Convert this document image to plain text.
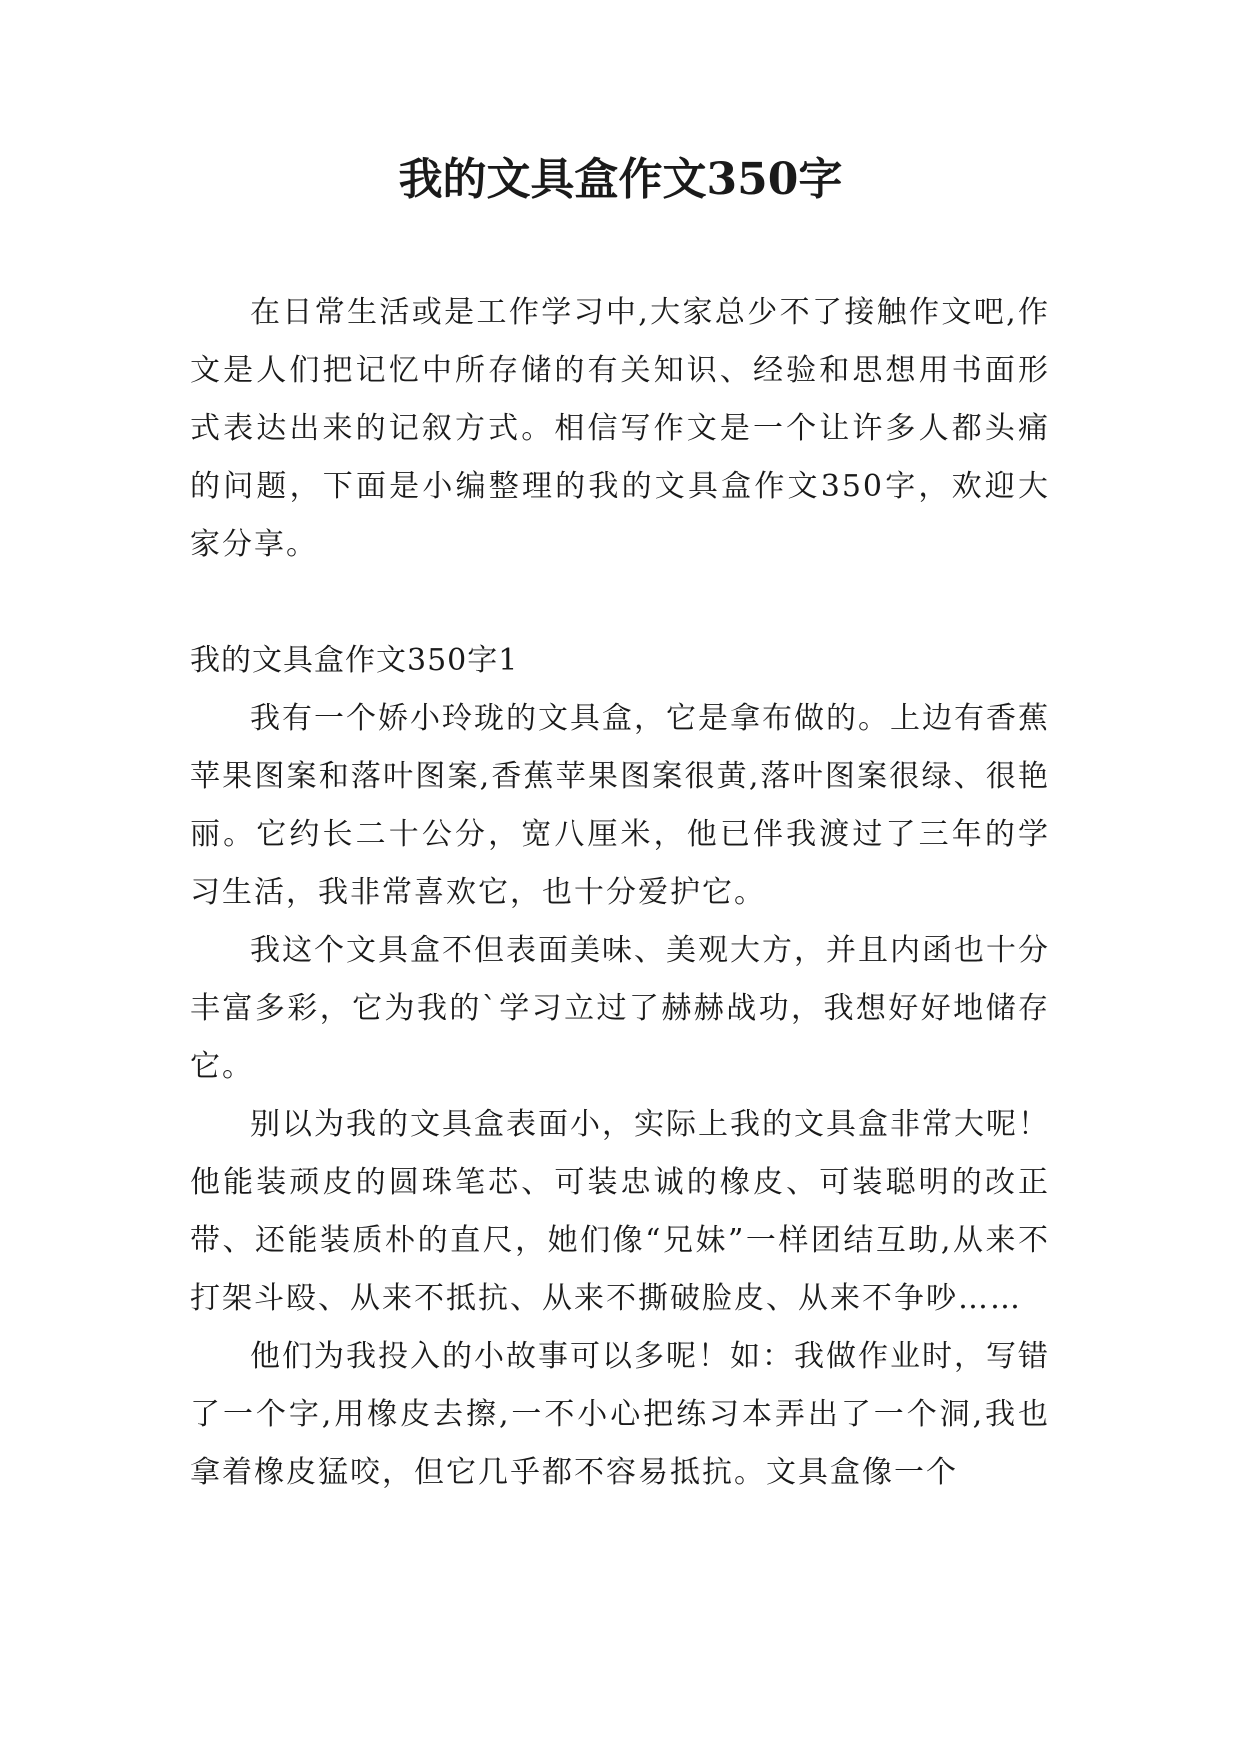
我的文具盒作文350字

在日常生活或是工作学习中,大家总少不了接触作文吧,作文是人们把记忆中所存储的有关知识、经验和思想用书面形式表达出来的记叙方式。相信写作文是一个让许多人都头痛的问题，下面是小编整理的我的文具盒作文350字，欢迎大家分享。

我的文具盒作文350字1

我有一个娇小玲珑的文具盒，它是拿布做的。上边有香蕉苹果图案和落叶图案,香蕉苹果图案很黄,落叶图案很绿、很艳丽。它约长二十公分，宽八厘米，他已伴我渡过了三年的学习生活，我非常喜欢它，也十分爱护它。

我这个文具盒不但表面美味、美观大方，并且内函也十分丰富多彩，它为我的`学习立过了赫赫战功，我想好好地储存它。

别以为我的文具盒表面小，实际上我的文具盒非常大呢！他能装顽皮的圆珠笔芯、可装忠诚的橡皮、可装聪明的改正带、还能装质朴的直尺，她们像“兄妹”一样团结互助,从来不打架斗殴、从来不抵抗、从来不撕破脸皮、从来不争吵……

他们为我投入的小故事可以多呢！如：我做作业时，写错了一个字,用橡皮去擦,一不小心把练习本弄出了一个洞,我也拿着橡皮猛咬，但它几乎都不容易抵抗。文具盒像一个
